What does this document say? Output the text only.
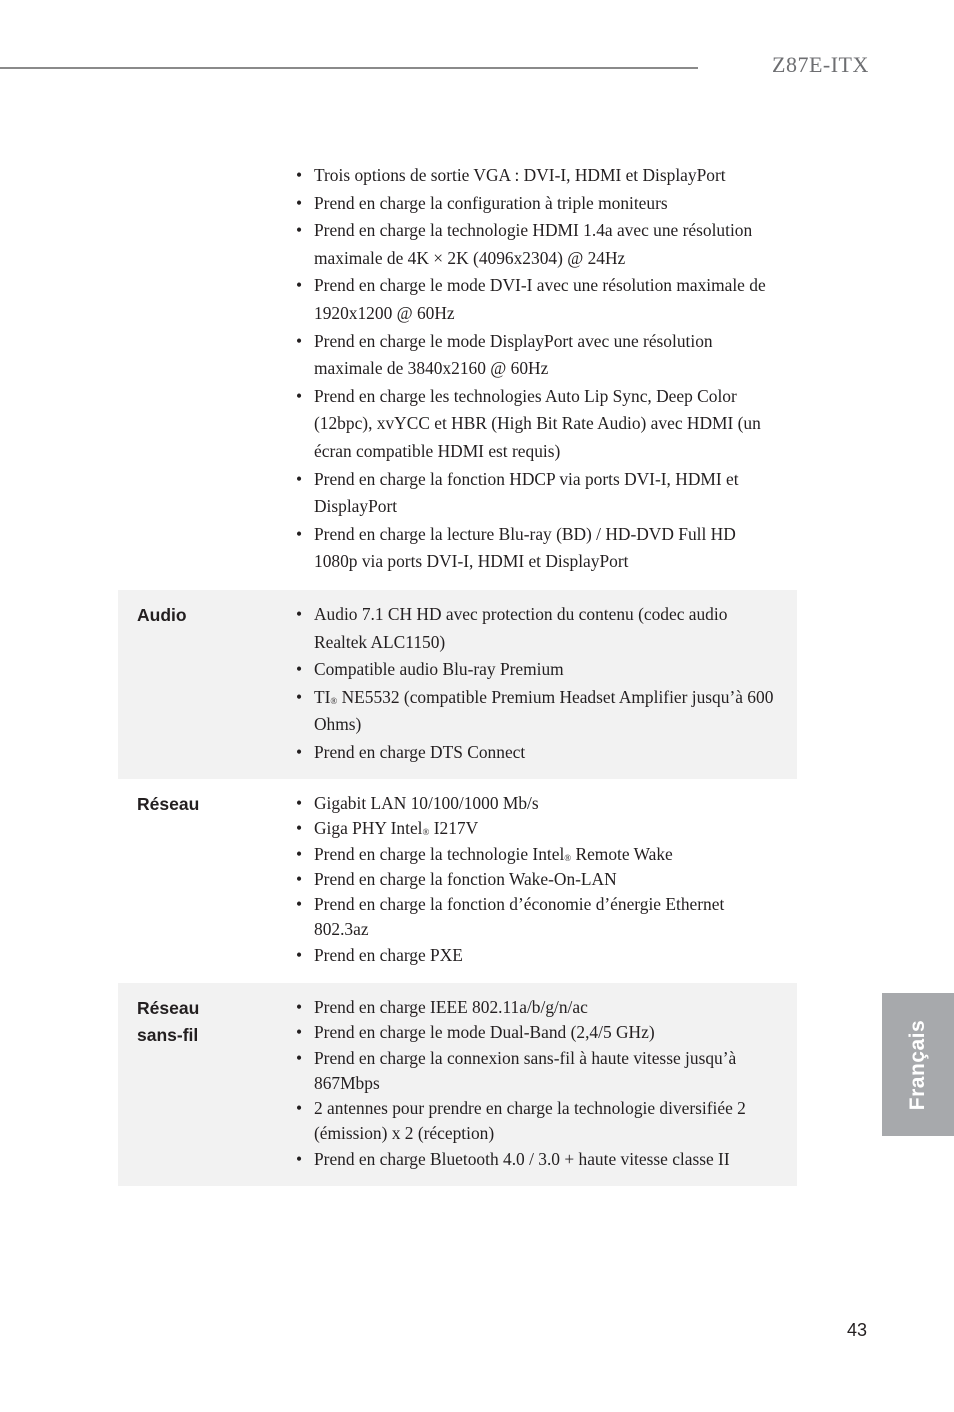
Z87E-ITX
• Trois options de sortie VGA : DVI-I, HDMI et DisplayPort
• Prend en charge la configuration à triple moniteurs
• Prend en charge la technologie HDMI 1.4a avec une résolution maximale de 4K × 2K (4096x2304) @ 24Hz
• Prend en charge le mode DVI-I avec une résolution maximale de 1920x1200 @ 60Hz
• Prend en charge le mode DisplayPort avec une résolution maximale de 3840x2160 @ 60Hz
• Prend en charge les technologies Auto Lip Sync, Deep Color (12bpc), xvYCC et HBR (High Bit Rate Audio) avec HDMI (un écran compatible HDMI est requis)
• Prend en charge la fonction HDCP via ports DVI-I, HDMI et DisplayPort
• Prend en charge la lecture Blu-ray (BD) / HD-DVD Full HD 1080p via ports DVI-I, HDMI et DisplayPort
Audio	• Audio 7.1 CH HD avec protection du contenu (codec audio Realtek ALC1150)
• Compatible audio Blu-ray Premium
• TI® NE5532 (compatible Premium Headset Amplifier jusqu’à 600 Ohms)
• Prend en charge DTS Connect
Réseau	• Gigabit LAN 10/100/1000 Mb/s
• Giga PHY Intel® I217V
• Prend en charge la technologie Intel® Remote Wake
• Prend en charge la fonction Wake-On-LAN
• Prend en charge la fonction d’économie d’énergie Ethernet 802.3az
• Prend en charge PXE
Réseau
sans-fil
• Prend en charge IEEE 802.11a/b/g/n/ac
• Prend en charge le mode Dual-Band (2,4/5 GHz)
• Prend en charge la connexion sans-fil à haute vitesse jusqu’à 867Mbps
• 2 antennes pour prendre en charge la technologie diversifiée 2 (émission) x 2 (réception)
• Prend en charge Bluetooth 4.0 / 3.0 + haute vitesse classe II
Français
43
